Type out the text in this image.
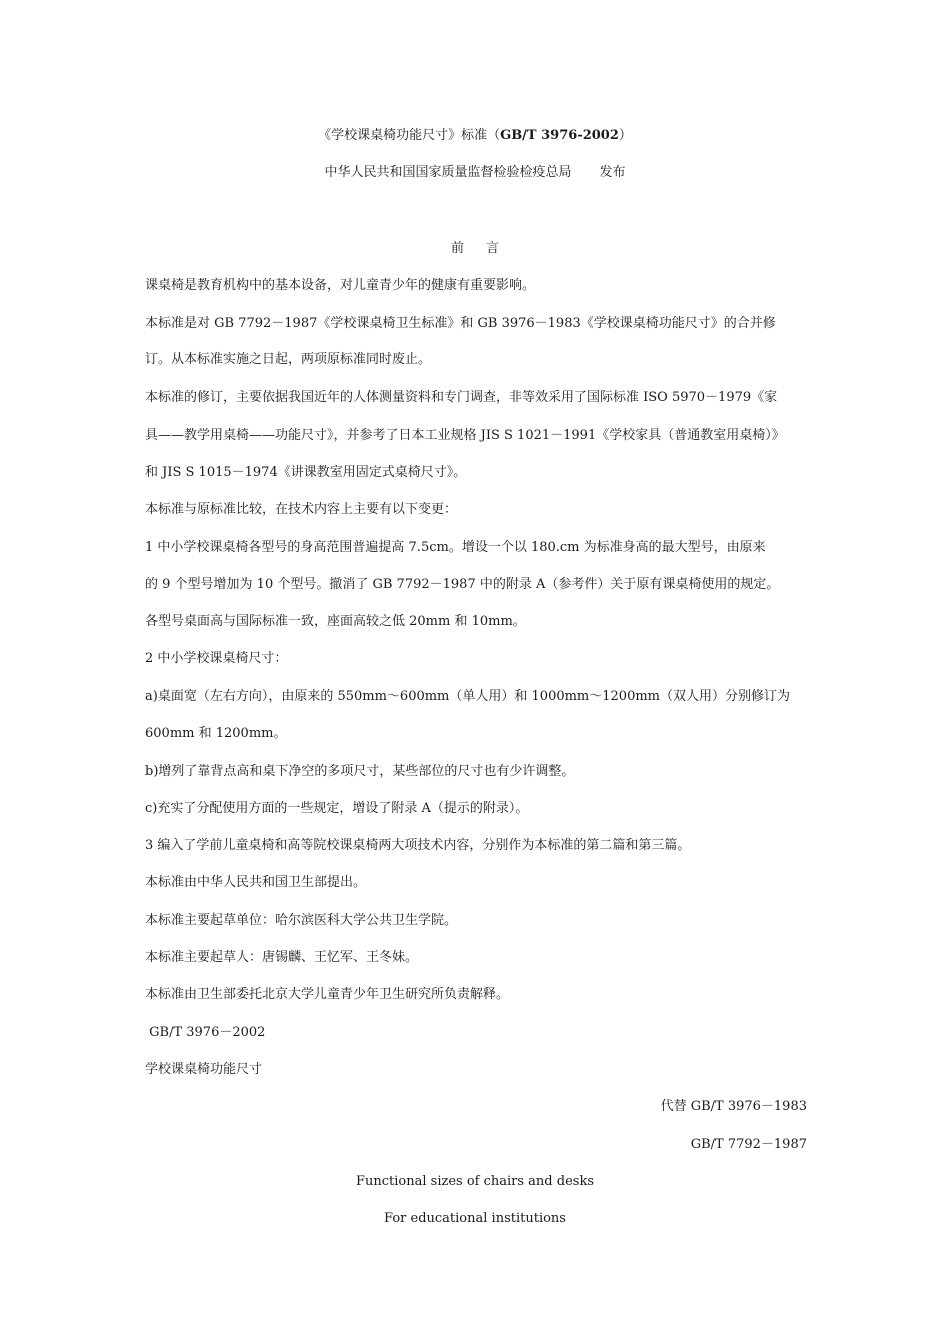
《学校课桌椅功能尺寸》标准（GB/T 3976-2002）
中华人民共和国国家质量监督检验检疫总局 发布
前 言
课桌椅是教育机构中的基本设备，对儿童青少年的健康有重要影响。
本标准是对 GB 7792－1987《学校课桌椅卫生标准》和 GB 3976－1983《学校课桌椅功能尺寸》的合并修
订。从本标准实施之日起，两项原标准同时废止。
本标准的修订，主要依据我国近年的人体测量资料和专门调查，非等效采用了国际标准 ISO 5970－1979《家
具——教学用桌椅——功能尺寸》，并参考了日本工业规格 JIS S 1021－1991《学校家具（普通教室用桌椅）》
和 JIS S 1015－1974《讲课教室用固定式桌椅尺寸》。
本标准与原标准比较，在技术内容上主要有以下变更：
1 中小学校课桌椅各型号的身高范围普遍提高 7.5cm。增设一个以 180.cm 为标准身高的最大型号，由原来
的 9 个型号增加为 10 个型号。撤消了 GB 7792－1987 中的附录 A（参考件）关于原有课桌椅使用的规定。
各型号桌面高与国际标准一致，座面高较之低 20mm 和 10mm。
2 中小学校课桌椅尺寸：
a)桌面宽（左右方向），由原来的 550mm～600mm（单人用）和 1000mm～1200mm（双人用）分别修订为
600mm 和 1200mm。
b)增列了靠背点高和桌下净空的多项尺寸，某些部位的尺寸也有少许调整。
c)充实了分配使用方面的一些规定，增设了附录 A（提示的附录）。
3 编入了学前儿童桌椅和高等院校课桌椅两大项技术内容，分别作为本标准的第二篇和第三篇。
本标准由中华人民共和国卫生部提出。
本标准主要起草单位：哈尔滨医科大学公共卫生学院。
本标准主要起草人：唐锡麟、王忆军、王冬妹。
本标准由卫生部委托北京大学儿童青少年卫生研究所负责解释。
GB/T 3976－2002
学校课桌椅功能尺寸
代替 GB/T 3976－1983
GB/T 7792－1987
Functional sizes of chairs and desks
For educational institutions
